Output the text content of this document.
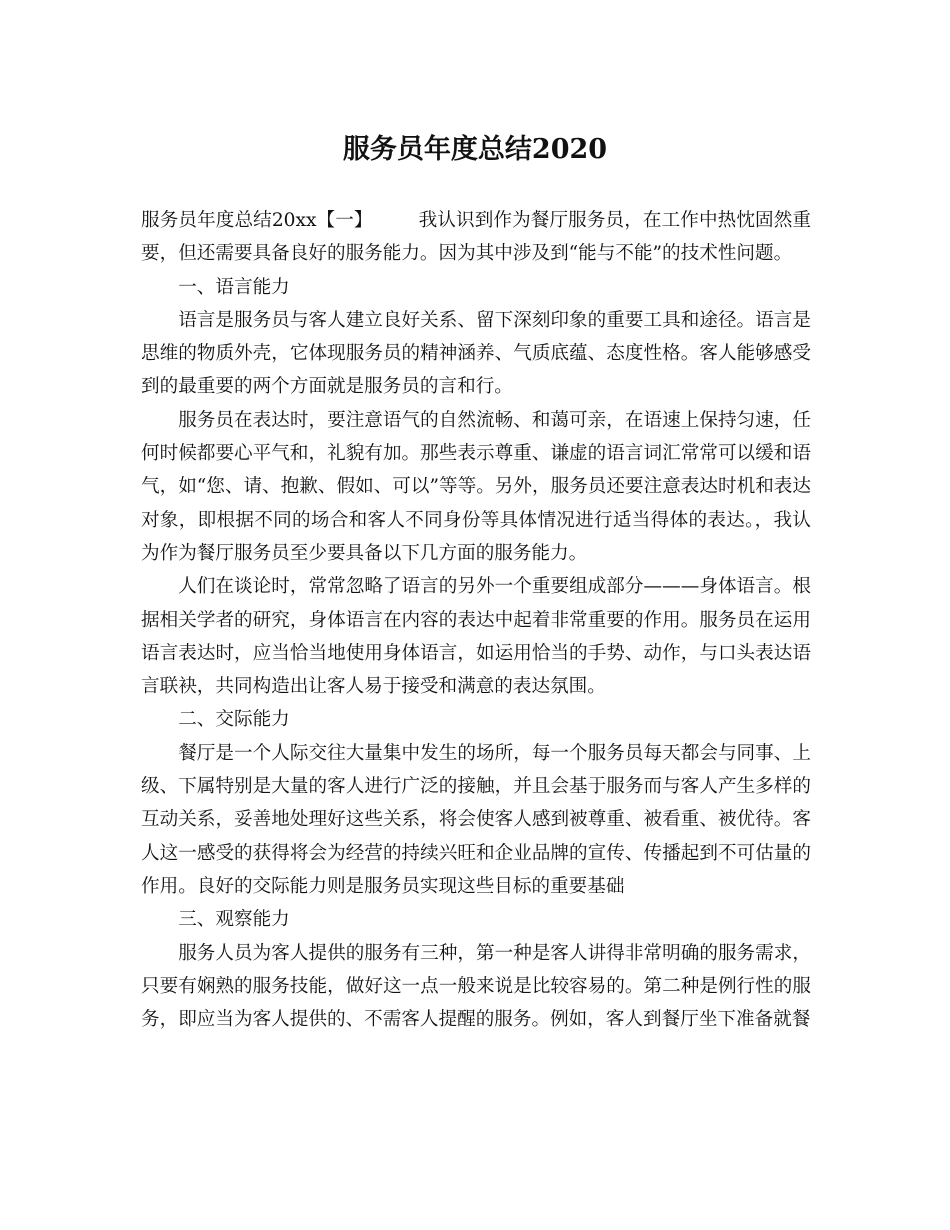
服务员年度总结2020

服务员年度总结20xx【一】 我认识到作为餐厅服务员，在工作中热忱固然重要，但还需要具备良好的服务能力。因为其中涉及到“能与不能”的技术性问题。

一、语言能力

语言是服务员与客人建立良好关系、留下深刻印象的重要工具和途径。语言是思维的物质外壳，它体现服务员的精神涵养、气质底蕴、态度性格。客人能够感受到的最重要的两个方面就是服务员的言和行。

服务员在表达时，要注意语气的自然流畅、和蔼可亲，在语速上保持匀速，任何时候都要心平气和，礼貌有加。那些表示尊重、谦虚的语言词汇常常可以缓和语气，如“您、请、抱歉、假如、可以”等等。另外，服务员还要注意表达时机和表达对象，即根据不同的场合和客人不同身份等具体情况进行适当得体的表达。，我认为作为餐厅服务员至少要具备以下几方面的服务能力。

人们在谈论时，常常忽略了语言的另外一个重要组成部分———身体语言。根据相关学者的研究，身体语言在内容的表达中起着非常重要的作用。服务员在运用语言表达时，应当恰当地使用身体语言，如运用恰当的手势、动作，与口头表达语言联袂，共同构造出让客人易于接受和满意的表达氛围。

二、交际能力

餐厅是一个人际交往大量集中发生的场所，每一个服务员每天都会与同事、上级、下属特别是大量的客人进行广泛的接触，并且会基于服务而与客人产生多样的互动关系，妥善地处理好这些关系，将会使客人感到被尊重、被看重、被优待。客人这一感受的获得将会为经营的持续兴旺和企业品牌的宣传、传播起到不可估量的作用。良好的交际能力则是服务员实现这些目标的重要基础

三、观察能力

服务人员为客人提供的服务有三种，第一种是客人讲得非常明确的服务需求，只要有娴熟的服务技能，做好这一点一般来说是比较容易的。第二种是例行性的服务，即应当为客人提供的、不需客人提醒的服务。例如，客人到餐厅坐下准备就餐
